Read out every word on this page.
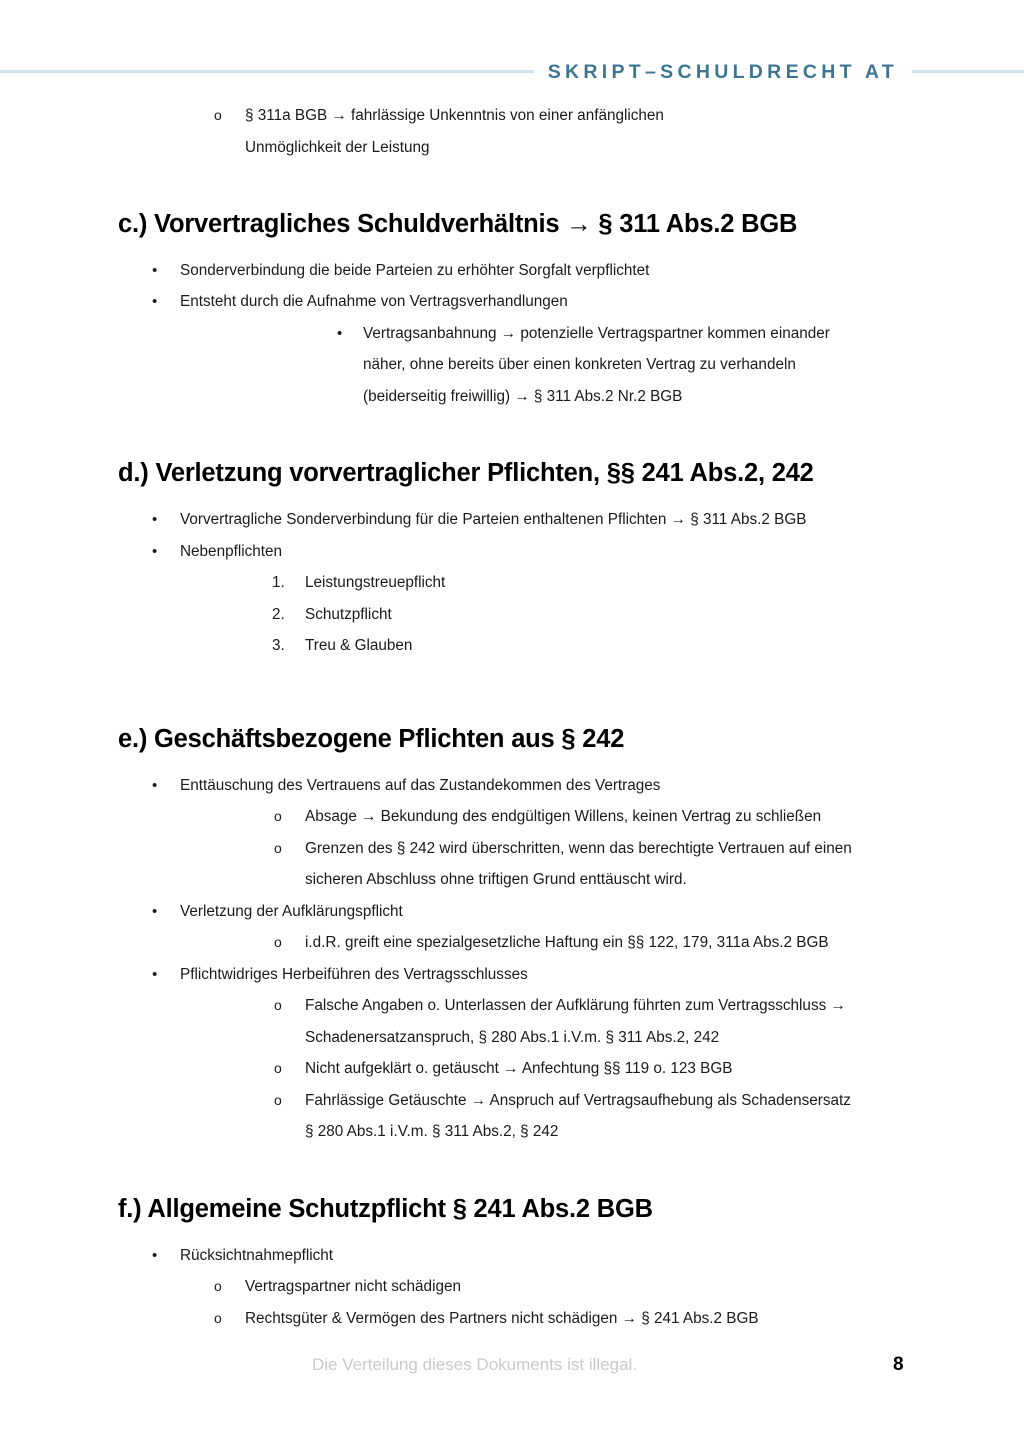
SKRIPT–SCHULDRECHT AT
o § 311a BGB → fahrlässige Unkenntnis von einer anfänglichen
Unmöglichkeit der Leistung
c.) Vorvertragliches Schuldverhältnis → § 311 Abs.2 BGB
• Sonderverbindung die beide Parteien zu erhöhter Sorgfalt verpflichtet
• Entsteht durch die Aufnahme von Vertragsverhandlungen
• Vertragsanbahnung → potenzielle Vertragspartner kommen einander
näher, ohne bereits über einen konkreten Vertrag zu verhandeln
(beiderseitig freiwillig) → § 311 Abs.2 Nr.2 BGB
d.) Verletzung vorvertraglicher Pflichten, §§ 241 Abs.2, 242
• Vorvertragliche Sonderverbindung für die Parteien enthaltenen Pflichten → § 311 Abs.2 BGB
• Nebenpflichten
1. Leistungstreuepflicht
2. Schutzpflicht
3. Treu & Glauben
e.) Geschäftsbezogene Pflichten aus § 242
• Enttäuschung des Vertrauens auf das Zustandekommen des Vertrages
o Absage → Bekundung des endgültigen Willens, keinen Vertrag zu schließen
o Grenzen des § 242 wird überschritten, wenn das berechtigte Vertrauen auf einen
sicheren Abschluss ohne triftigen Grund enttäuscht wird.
• Verletzung der Aufklärungspflicht
o i.d.R. greift eine spezialgesetzliche Haftung ein §§ 122, 179, 311a Abs.2 BGB
• Pflichtwidriges Herbeiführen des Vertragsschlusses
o Falsche Angaben o. Unterlassen der Aufklärung führten zum Vertragsschluss →
Schadenersatzanspruch, § 280 Abs.1 i.V.m. § 311 Abs.2, 242
o Nicht aufgeklärt o. getäuscht → Anfechtung §§ 119 o. 123 BGB
o Fahrlässige Getäuschte → Anspruch auf Vertragsaufhebung als Schadensersatz
§ 280 Abs.1 i.V.m. § 311 Abs.2, § 242
f.) Allgemeine Schutzpflicht § 241 Abs.2 BGB
• Rücksichtnahmepflicht
o Vertragspartner nicht schädigen
o Rechtsgüter & Vermögen des Partners nicht schädigen → § 241 Abs.2 BGB
Die Verteilung dieses Dokuments ist illegal.	8
